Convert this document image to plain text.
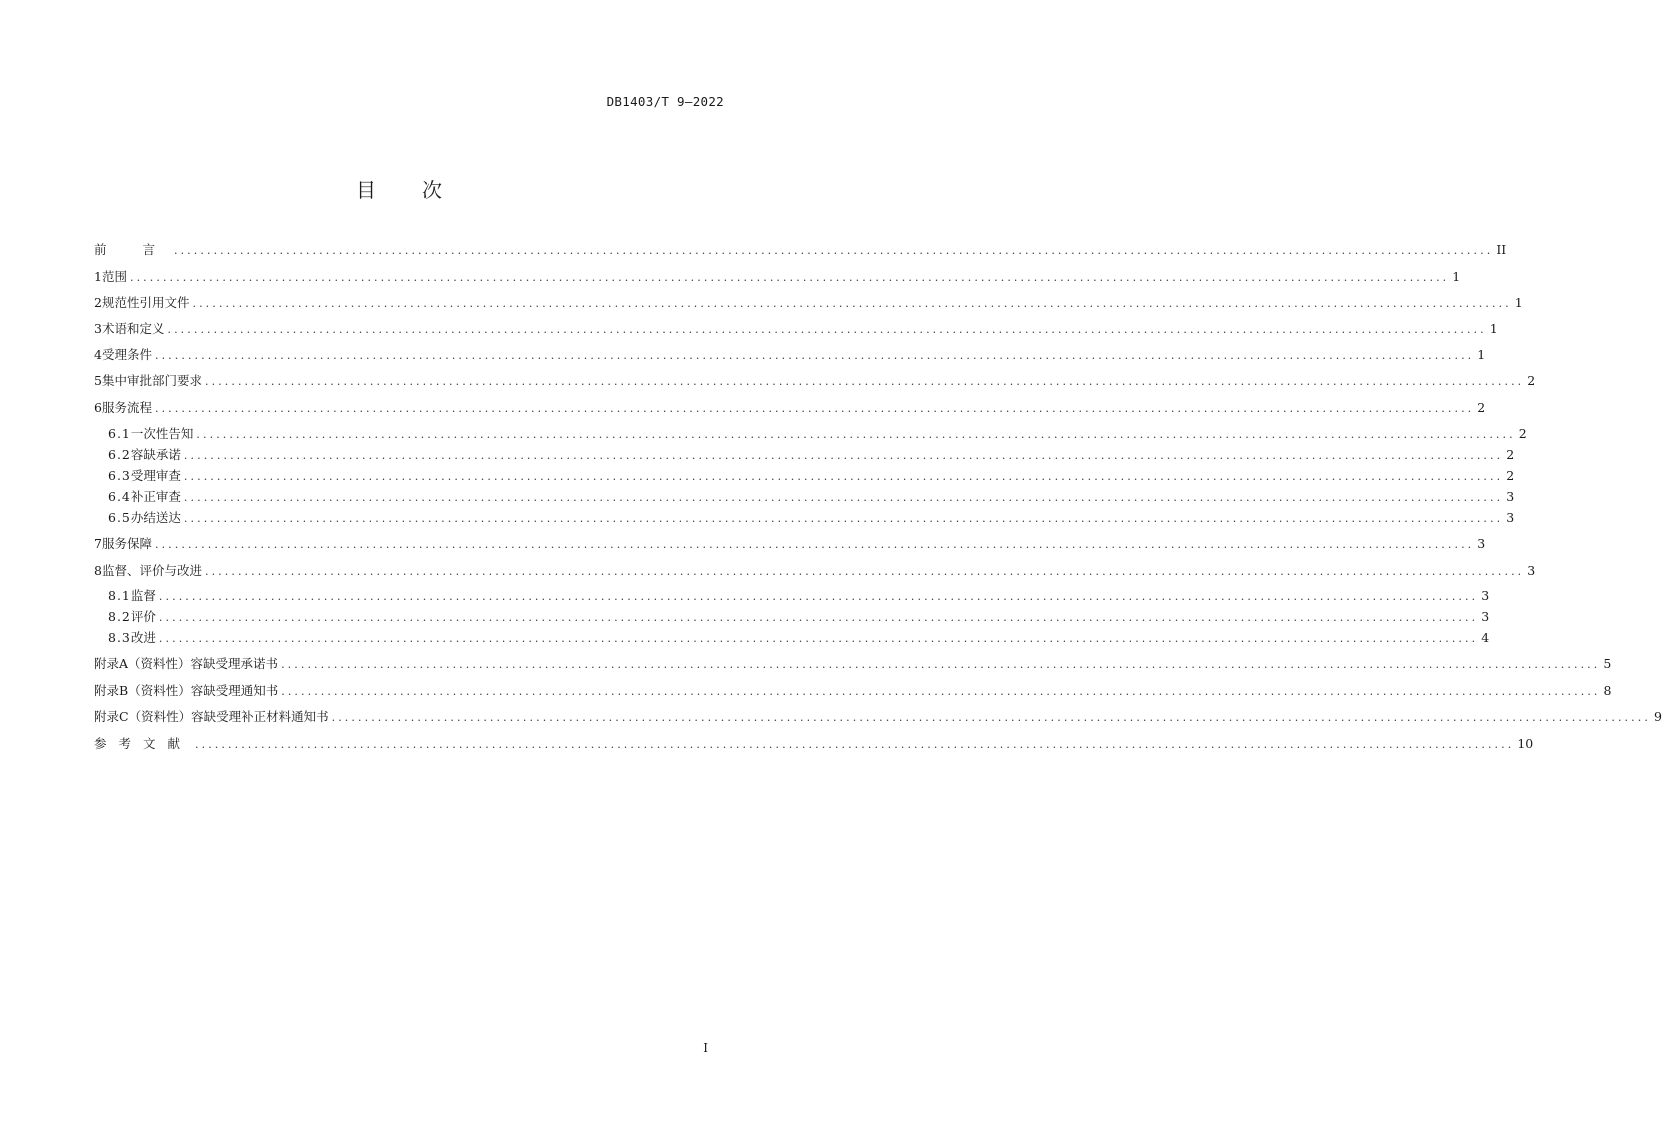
DB1403/T 9—2022
目 次
前 言 ........................................................................................................................................................................................................ II
1 范围 ........................................................................................................................................................................................................ 1
2 规范性引用文件 ........................................................................................................................................................................................................ 1
3 术语和定义 ........................................................................................................................................................................................................ 1
4 受理条件 ........................................................................................................................................................................................................ 1
5 集中审批部门要求 ........................................................................................................................................................................................................ 2
6 服务流程 ........................................................................................................................................................................................................ 2
6.1 一次性告知 ........................................................................................................................................................................................................ 2
6.2 容缺承诺 ........................................................................................................................................................................................................ 2
6.3 受理审查 ........................................................................................................................................................................................................ 2
6.4 补正审查 ........................................................................................................................................................................................................ 3
6.5 办结送达 ........................................................................................................................................................................................................ 3
7 服务保障 ........................................................................................................................................................................................................ 3
8 监督、评价与改进 ........................................................................................................................................................................................................ 3
8.1 监督 ........................................................................................................................................................................................................ 3
8.2 评价 ........................................................................................................................................................................................................ 3
8.3 改进 ........................................................................................................................................................................................................ 4
附录A （资料性） 容缺受理承诺书 ........................................................................................................................................................................................................ 5
附录B （资料性） 容缺受理通知书 ........................................................................................................................................................................................................ 8
附录C （资料性） 容缺受理补正材料通知书 ........................................................................................................................................................................................................ 9
参考文献 ........................................................................................................................................................................................................ 10
I
